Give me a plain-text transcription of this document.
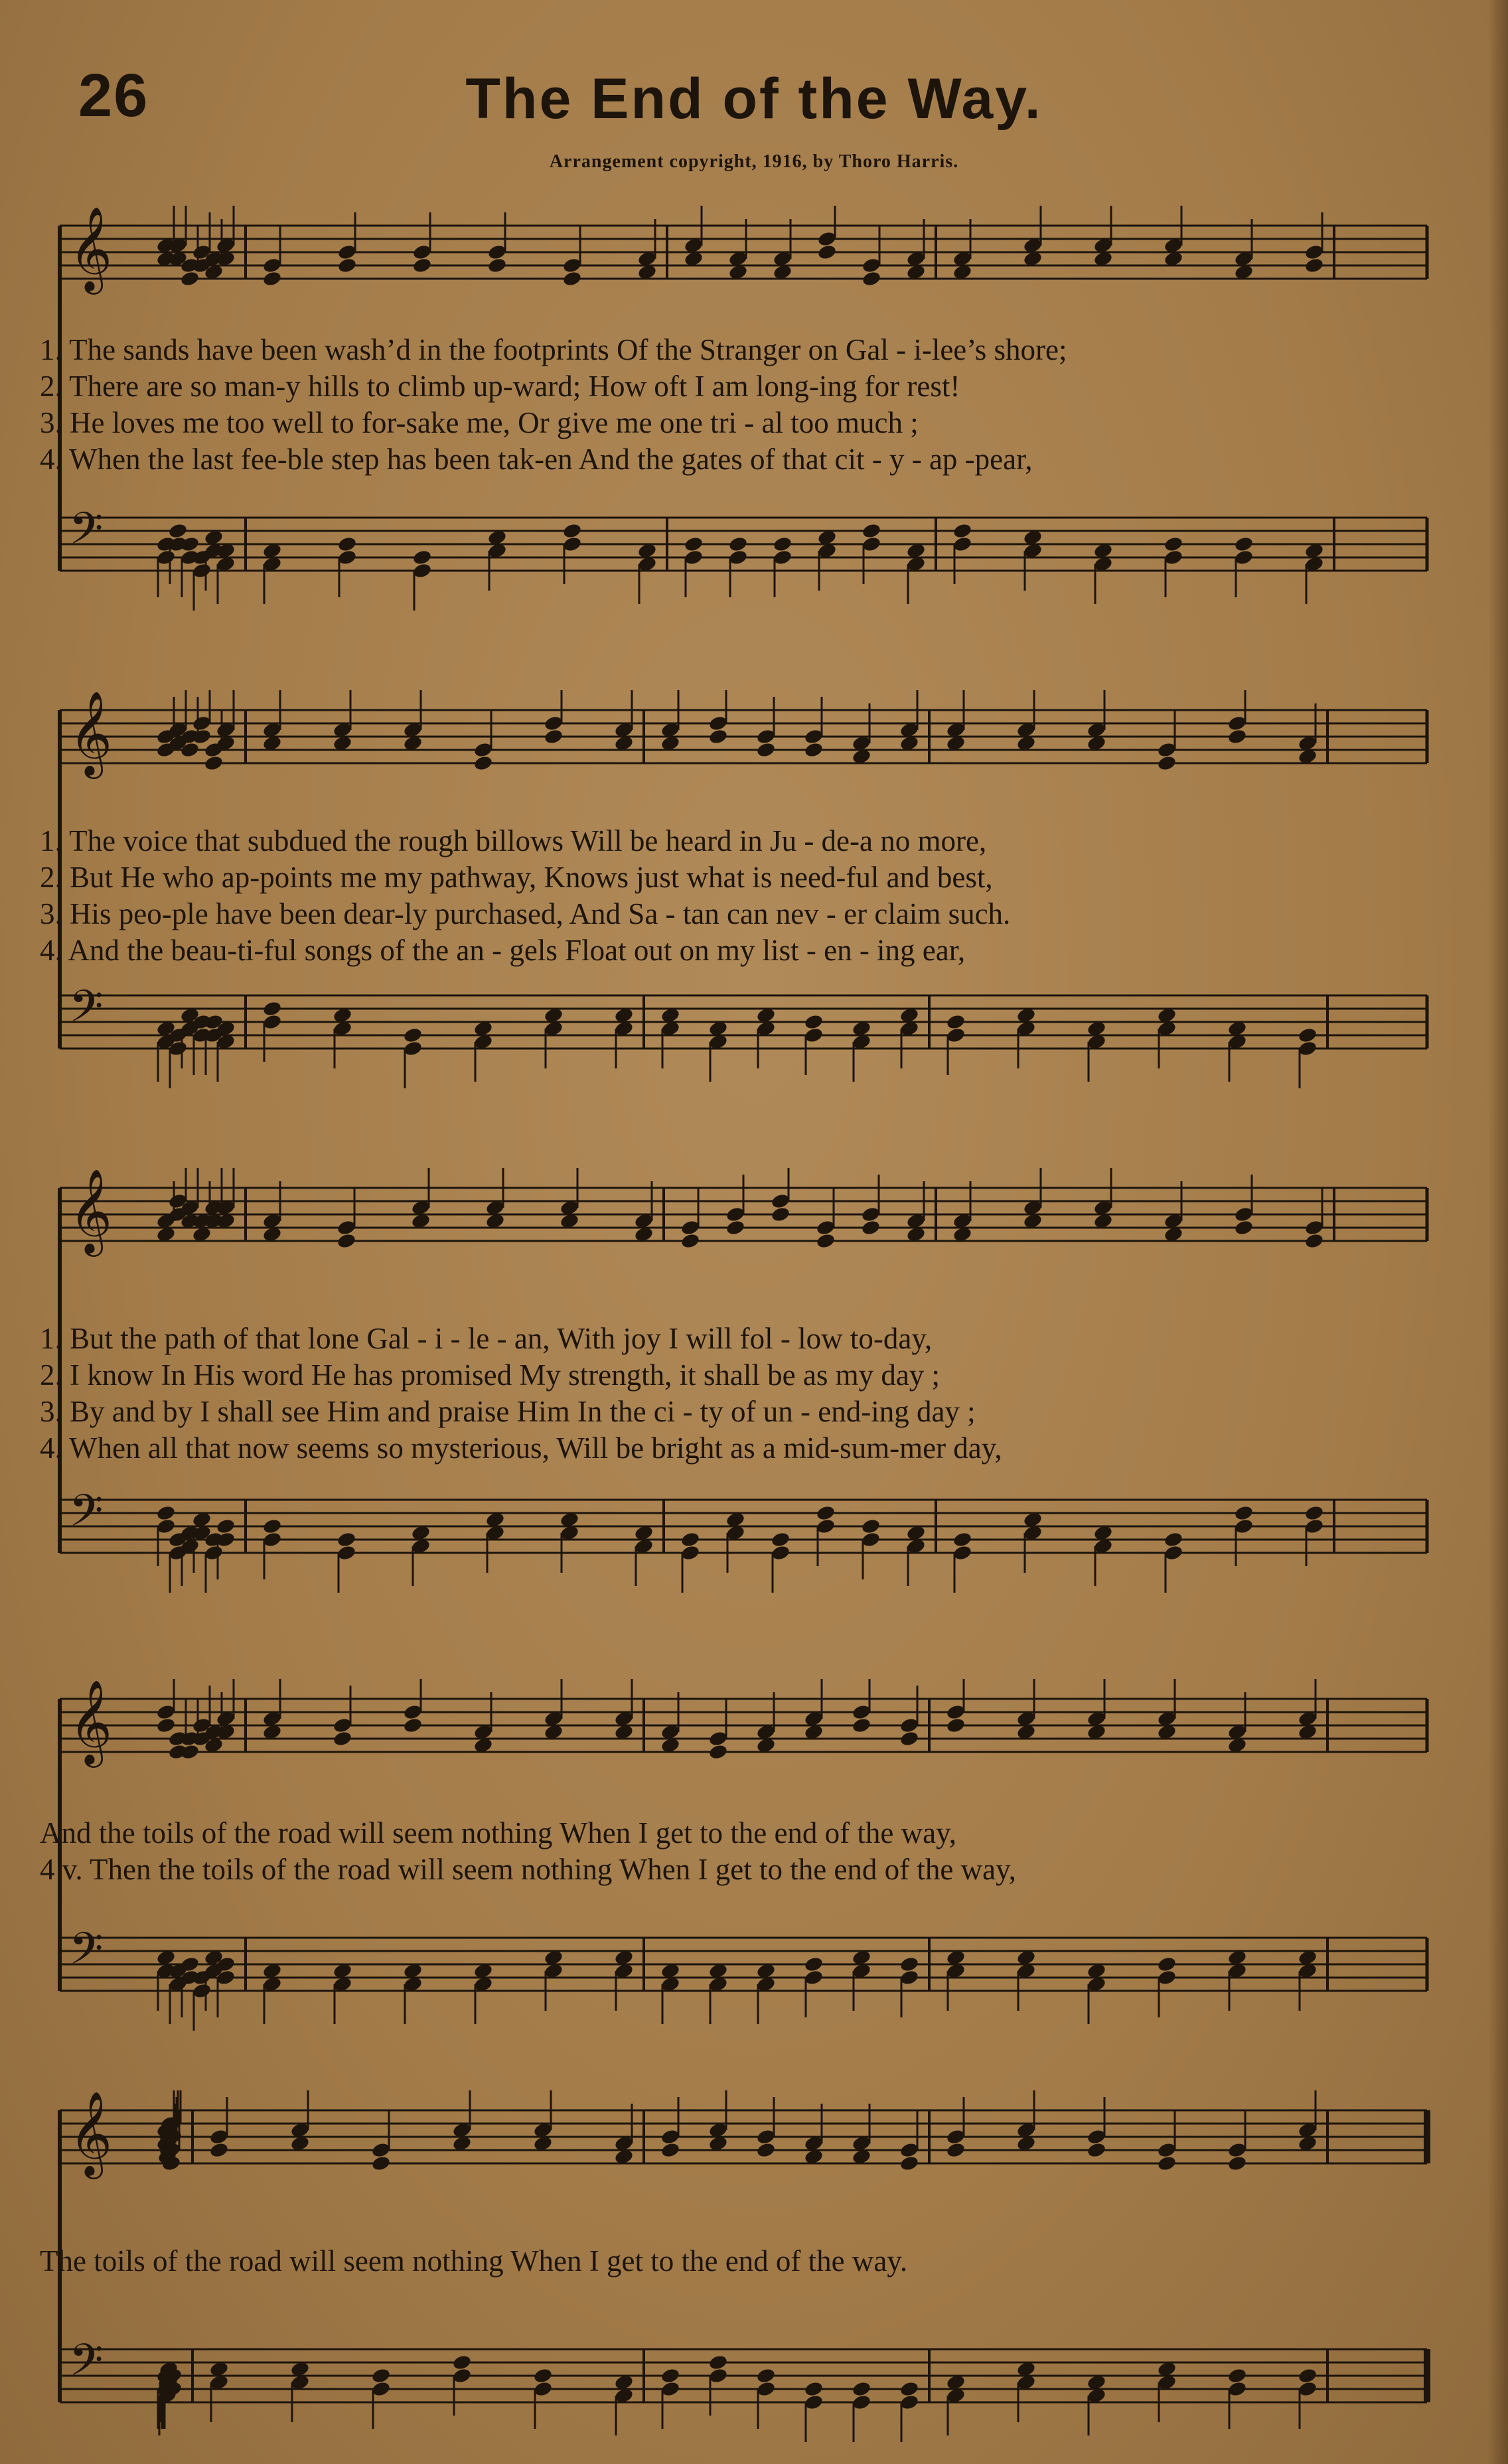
26	The End of the Way.
Arrangement copyright, 1916, by Thoro Harris.
𝄞
𝄢
1. The sands have been wash’d in the footprints Of the Stranger on Gal - i-lee’s shore;
2. There are so man-y hills to climb up-ward; How oft I am long-ing for rest!
3. He loves me too well to for-sake me, Or give me one tri - al too much ;
4. When the last fee-ble step has been tak-en And the gates of that cit - y - ap -pear,
𝄞
𝄢
1. The voice that subdued the rough billows Will be heard in Ju - de-a no more,
2. But He who ap-points me my pathway, Knows just what is need-ful and best,
3. His peo-ple have been dear-ly purchased, And Sa - tan can nev - er claim such.
4. And the beau-ti-ful songs of the an - gels Float out on my list - en - ing ear,
𝄞
𝄢
1. But the path of that lone Gal - i - le - an, With joy I will fol - low to-day,
2. I know In His word He has promised My strength, it shall be as my day ;
3. By and by I shall see Him and praise Him In the ci - ty of un - end-ing day ;
4. When all that now seems so mysterious, Will be bright as a mid-sum-mer day,
𝄞
𝄢
And the toils of the road will seem nothing When I get to the end of the way,
4 v. Then the toils of the road will seem nothing When I get to the end of the way,
𝄞
𝄢
The toils of the road will seem nothing When I get to the end of the way.
